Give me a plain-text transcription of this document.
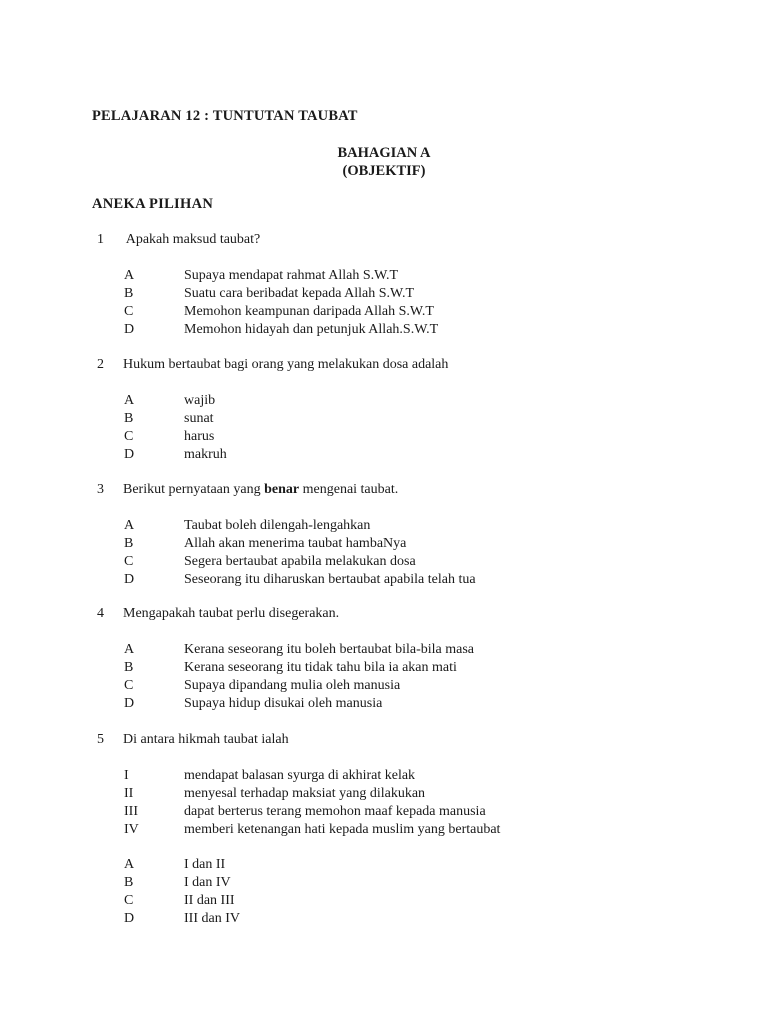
PELAJARAN 12 : TUNTUTAN TAUBAT
BAHAGIAN A
(OBJEKTIF)
ANEKA PILIHAN
1 Apakah maksud taubat?
A	Supaya mendapat rahmat Allah S.W.T
B	Suatu cara beribadat kepada Allah S.W.T
C	Memohon keampunan daripada Allah S.W.T
D	Memohon hidayah dan petunjuk Allah.S.W.T
2 Hukum bertaubat bagi orang yang melakukan dosa adalah
A	wajib
B	sunat
C	harus
D	makruh
3 Berikut pernyataan yang benar mengenai taubat.
A	Taubat boleh dilengah-lengahkan
B	Allah akan menerima taubat hambaNya
C	Segera bertaubat apabila melakukan dosa
D	Seseorang itu diharuskan bertaubat apabila telah tua
4 Mengapakah taubat perlu disegerakan.
A	Kerana seseorang itu boleh bertaubat bila-bila masa
B	Kerana seseorang itu tidak tahu bila ia akan mati
C	Supaya dipandang mulia oleh manusia
D	Supaya hidup disukai oleh manusia
5 Di antara hikmah taubat ialah
I	mendapat balasan syurga di akhirat kelak
II	menyesal terhadap maksiat yang dilakukan
III	dapat berterus terang memohon maaf kepada manusia
IV	memberi ketenangan hati kepada muslim yang bertaubat
A	I dan II
B	I dan IV
C	II dan III
D	III dan IV
